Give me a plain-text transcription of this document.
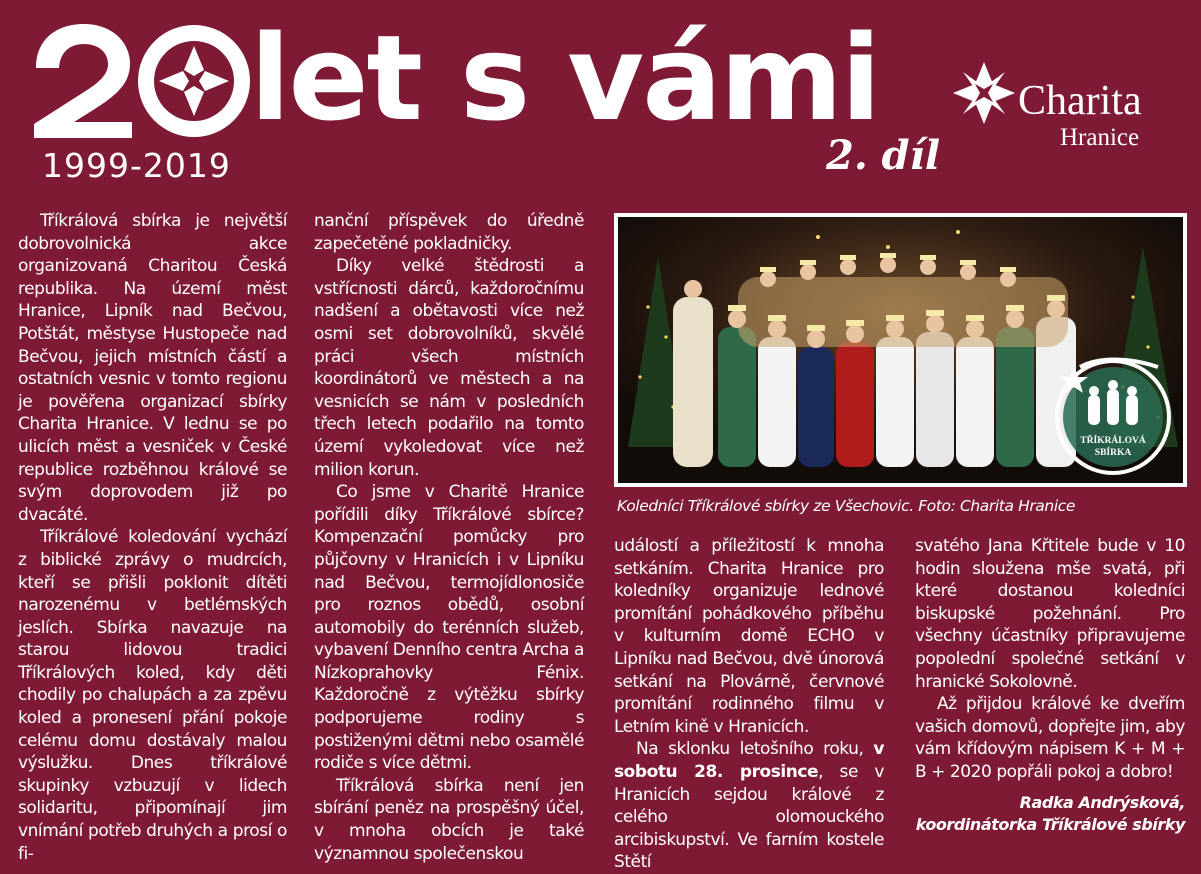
let s vámi
1999-2019	2. díl
Charita
Hranice

Tříkrálová sbírka je největší dobrovolnická akce organizovaná Charitou Česká republika. Na území měst Hranice, Lipník nad Bečvou, Potštát, městyse Hustopeče nad Bečvou, jejich místních částí a ostatních vesnic v tomto regionu je pověřena organizací sbírky Charita Hranice. V lednu se po ulicích měst a vesniček v České republice rozběhnou králové se svým doprovodem již po dvacáté.

Tříkrálové koledování vychází z biblické zprávy o mudrcích, kteří se přišli poklonit dítěti narozenému v betlémských jeslích. Sbírka navazuje na starou lidovou tradici Tříkrálových koled, kdy děti chodily po chalupách a za zpěvu koled a pronesení přání pokoje celému domu dostávaly malou výslužku. Dnes tříkrálové skupinky vzbuzují v lidech solidaritu, připomínají jim vnímání potřeb druhých a prosí o fi-

nanční příspěvek do úředně zapečetěné pokladničky.

Díky velké štědrosti a vstřícnosti dárců, každoročnímu nadšení a obětavosti více než osmi set dobrovolníků, skvělé práci všech místních koordinátorů ve městech a na vesnicích se nám v posledních třech letech podařilo na tomto území vykoledovat více než milion korun.

Co jsme v Charitě Hranice pořídili díky Tříkrálové sbírce? Kompenzační pomůcky pro půjčovny v Hranicích i v Lipníku nad Bečvou, termojídlonosiče pro roznos obědů, osobní automobily do terénních služeb, vybavení Denního centra Archa a Nízkoprahovky Fénix. Každoročně z výtěžku sbírky podporujeme rodiny s postiženými dětmi nebo osamělé rodiče s více dětmi.

Tříkrálová sbírka není jen sbírání peněz na prospěšný účel, v mnoha obcích je také významnou společenskou

TŘÍKRÁLOVÁ
SBÍRKA
Koledníci Tříkrálové sbírky ze Všechovic. Foto: Charita Hranice

událostí a příležitostí k mnoha setkáním. Charita Hranice pro koledníky organizuje lednové promítání pohádkového příběhu v kulturním domě ECHO v Lipníku nad Bečvou, dvě únorová setkání na Plovárně, červnové promítání rodinného filmu v Letním kině v Hranicích.

Na sklonku letošního roku, v sobotu 28. prosince, se v Hranicích sejdou králové z celého olomouckého arcibiskupství. Ve farním kostele Stětí

svatého Jana Křtitele bude v 10 hodin sloužena mše svatá, při které dostanou koledníci biskupské požehnání. Pro všechny účastníky připravujeme popolední společné setkání v hranické Sokolovně.

Až přijdou králové ke dveřím vašich domovů, dopřejte jim, aby vám křídovým nápisem K + M + B + 2020 popřáli pokoj a dobro!

Radka Andrýsková,

koordinátorka Tříkrálové sbírky
